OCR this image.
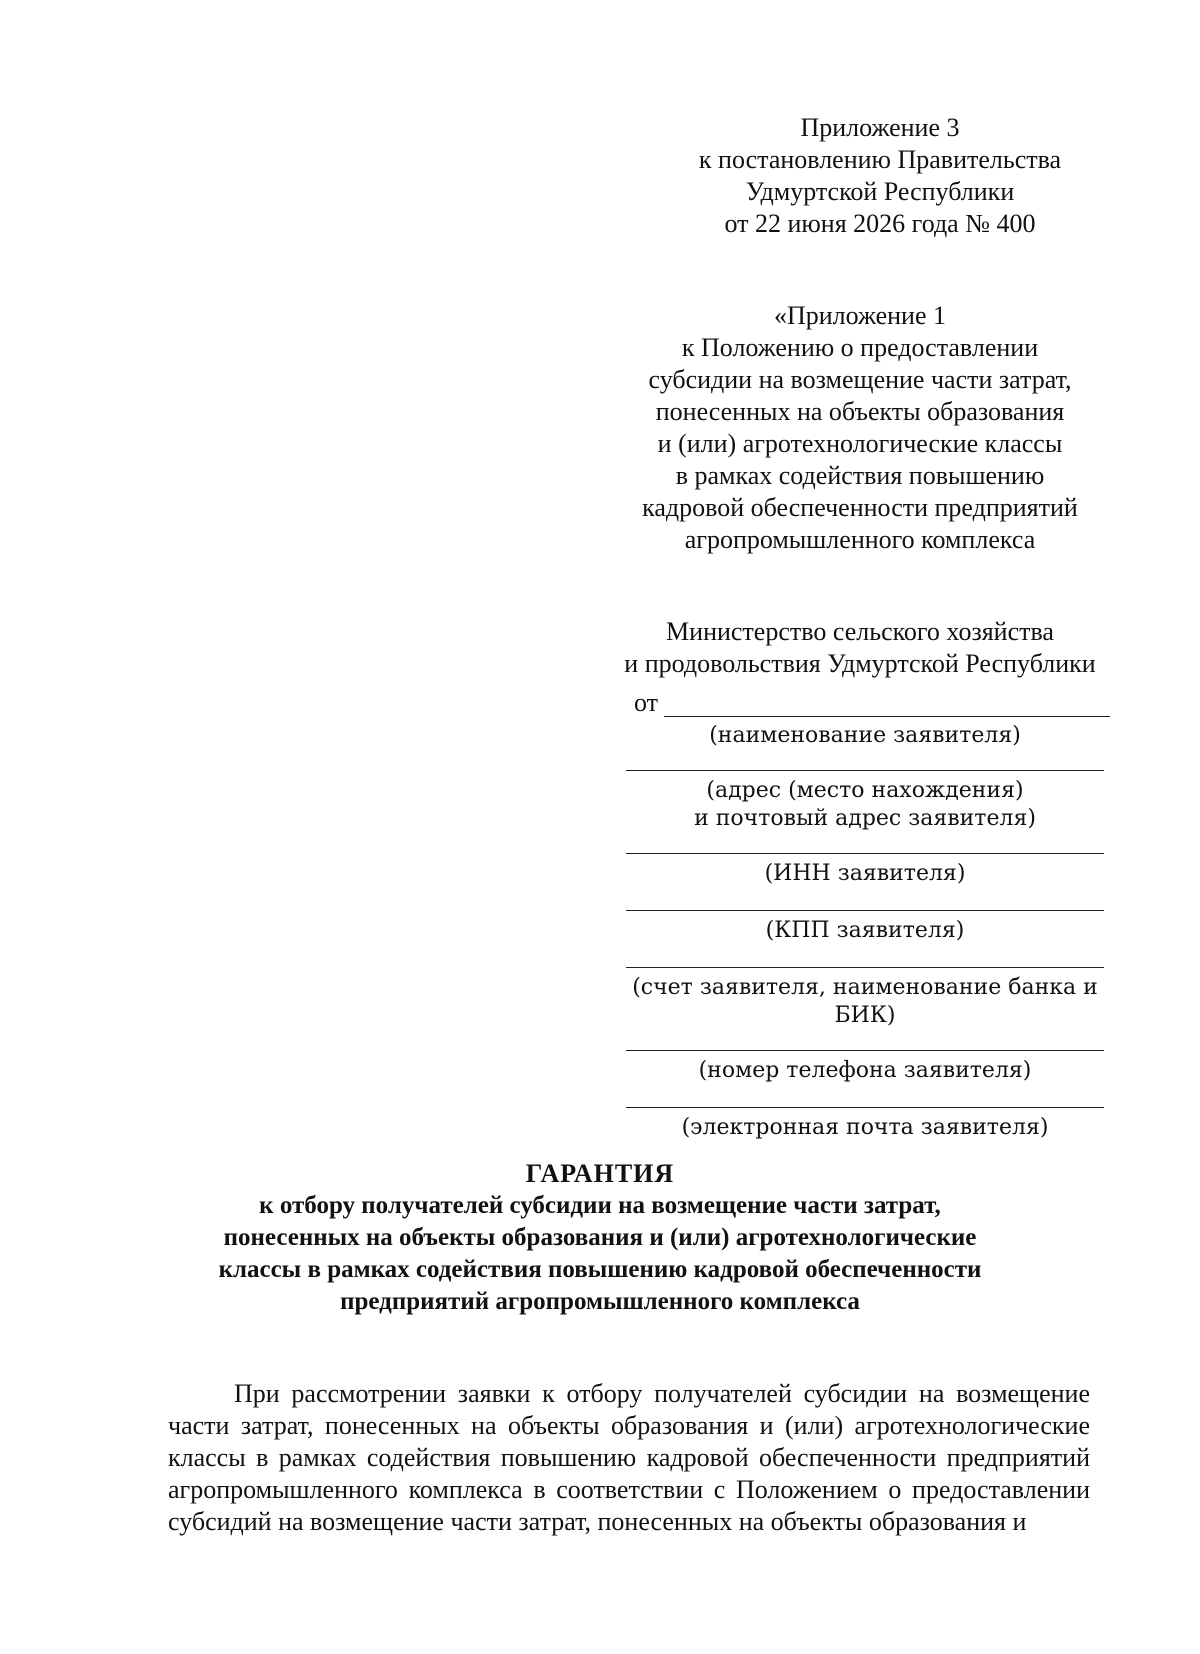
Приложение 3
к постановлению Правительства
Удмуртской Республики
от 22 июня 2026 года № 400
«Приложение 1
к Положению о предоставлении
субсидии на возмещение части затрат,
понесенных на объекты образования
и (или) агротехнологические классы
в рамках содействия повышению
кадровой обеспеченности предприятий
агропромышленного комплекса
Министерство сельского хозяйства
и продовольствия Удмуртской Республики
от
(наименование заявителя)
(адрес (место нахождения)
и почтовый адрес заявителя)
(ИНН заявителя)
(КПП заявителя)
(счет заявителя, наименование банка и БИК)
(номер телефона заявителя)
(электронная почта заявителя)
ГАРАНТИЯ
к отбору получателей субсидии на возмещение части затрат,
понесенных на объекты образования и (или) агротехнологические
классы в рамках содействия повышению кадровой обеспеченности
предприятий агропромышленного комплекса
При рассмотрении заявки к отбору получателей субсидии на возмещение части затрат, понесенных на объекты образования и (или) агротехнологические классы в рамках содействия повышению кадровой обеспеченности предприятий агропромышленного комплекса в соответствии с Положением о предоставлении субсидий на возмещение части затрат, понесенных на объекты образования и
